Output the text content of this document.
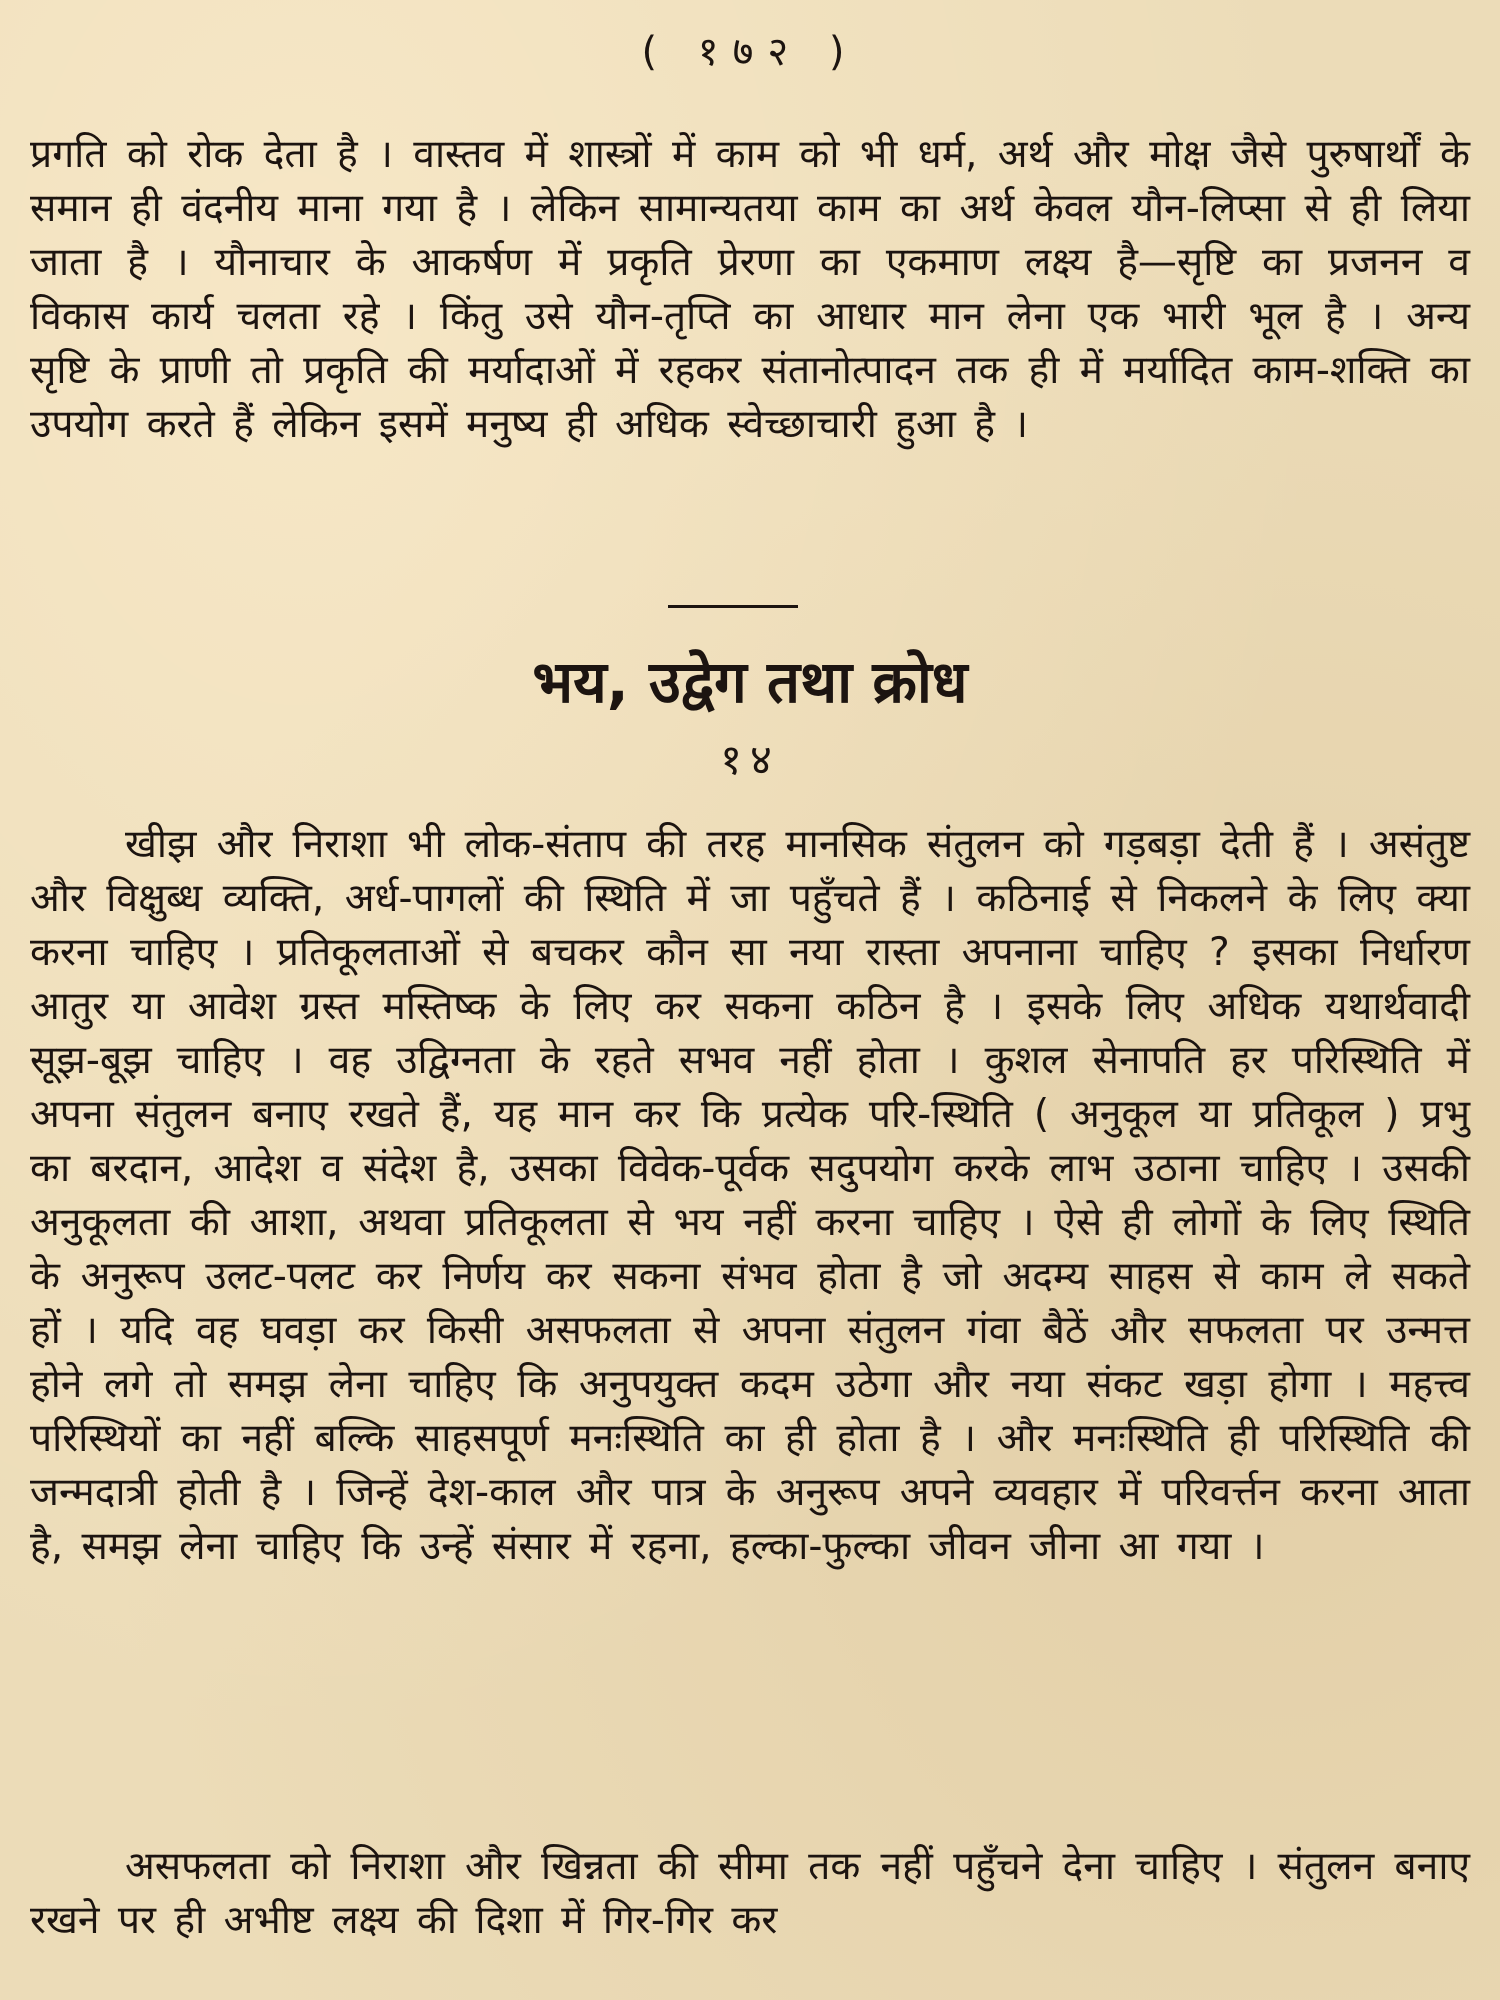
( १७२ )

प्रगति को रोक देता है । वास्तव में शास्त्रों में काम को भी धर्म, अर्थ और मोक्ष जैसे पुरुषार्थों के समान ही वंदनीय माना गया है । लेकिन सामान्यतया काम का अर्थ केवल यौन-लिप्सा से ही लिया जाता है । यौनाचार के आकर्षण में प्रकृति प्रेरणा का एकमाण लक्ष्य है—सृष्टि का प्रजनन व विकास कार्य चलता रहे । किंतु उसे यौन-तृप्ति का आधार मान लेना एक भारी भूल है । अन्य सृष्टि के प्राणी तो प्रकृति की मर्यादाओं में रहकर संतानोत्पादन तक ही में मर्यादित काम-शक्ति का उपयोग करते हैं लेकिन इसमें मनुष्य ही अधिक स्वेच्छाचारी हुआ है ।

भय, उद्वेग तथा क्रोध
१४

खीझ और निराशा भी लोक-संताप की तरह मानसिक संतुलन को गड़बड़ा देती हैं । असंतुष्ट और विक्षुब्ध व्यक्ति, अर्ध-पागलों की स्थिति में जा पहुँचते हैं । कठिनाई से निकलने के लिए क्या करना चाहिए । प्रतिकूलताओं से बचकर कौन सा नया रास्ता अपनाना चाहिए ? इसका निर्धारण आतुर या आवेश ग्रस्त मस्तिष्क के लिए कर सकना कठिन है । इसके लिए अधिक यथार्थवादी सूझ-बूझ चाहिए । वह उद्विग्नता के रहते सभव नहीं होता । कुशल सेनापति हर परिस्थिति में अपना संतुलन बनाए रखते हैं, यह मान कर कि प्रत्येक परि-स्थिति ( अनुकूल या प्रतिकूल ) प्रभु का बरदान, आदेश व संदेश है, उसका विवेक-पूर्वक सदुपयोग करके लाभ उठाना चाहिए । उसकी अनुकूलता की आशा, अथवा प्रतिकूलता से भय नहीं करना चाहिए । ऐसे ही लोगों के लिए स्थिति के अनुरूप उलट-पलट कर निर्णय कर सकना संभव होता है जो अदम्य साहस से काम ले सकते हों । यदि वह घवड़ा कर किसी असफलता से अपना संतुलन गंवा बैठें और सफलता पर उन्मत्त होने लगे तो समझ लेना चाहिए कि अनुपयुक्त कदम उठेगा और नया संकट खड़ा होगा । महत्त्व परिस्थियों का नहीं बल्कि साहसपूर्ण मनःस्थिति का ही होता है । और मनःस्थिति ही परिस्थिति की जन्मदात्री होती है । जिन्हें देश-काल और पात्र के अनुरूप अपने व्यवहार में परिवर्त्तन करना आता है, समझ लेना चाहिए कि उन्हें संसार में रहना, हल्का-फुल्का जीवन जीना आ गया ।

असफलता को निराशा और खिन्नता की सीमा तक नहीं पहुँचने देना चाहिए । संतुलन बनाए रखने पर ही अभीष्ट लक्ष्य की दिशा में गिर-गिर कर
